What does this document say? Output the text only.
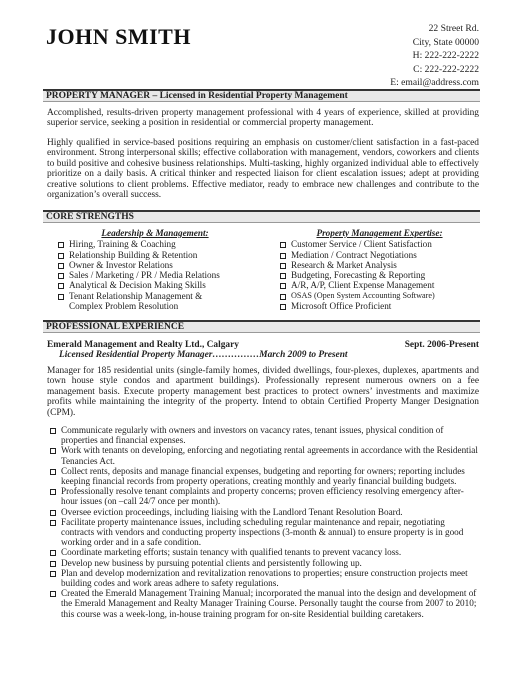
JOHN SMITH	22 Street Rd.
City, State 00000
H: 222-222-2222
C: 222-222-2222
E: email@address.com
PROPERTY MANAGER – Licensed in Residential Property Management
Accomplished, results-driven property management professional with 4 years of experience, skilled at providing superior service, seeking a position in residential or commercial property management.
Highly qualified in service-based positions requiring an emphasis on customer/client satisfaction in a fast-paced environment. Strong interpersonal skills; effective collaboration with management, vendors, coworkers and clients to build positive and cohesive business relationships. Multi-tasking, highly organized individual able to effectively prioritize on a daily basis. A critical thinker and respected liaison for client escalation issues; adept at providing creative solutions to client problems. Effective mediator, ready to embrace new challenges and contribute to the organization’s overall success.
CORE STRENGTHS
Leadership & Management:
Hiring, Training & Coaching
Relationship Building & Retention
Owner & Investor Relations
Sales / Marketing / PR / Media Relations
Analytical & Decision Making Skills
Tenant Relationship Management & Complex Problem Resolution
Property Management Expertise:
Customer Service / Client Satisfaction
Mediation / Contract Negotiations
Research & Market Analysis
Budgeting, Forecasting & Reporting
A/R, A/P, Client Expense Management
OSAS (Open System Accounting Software)
Microsoft Office Proficient
PROFESSIONAL EXPERIENCE
Emerald Management and Realty Ltd., Calgary	Sept. 2006-Present
Licensed Residential Property Manager……………March 2009 to Present
Manager for 185 residential units (single-family homes, divided dwellings, four-plexes, duplexes, apartments and town house style condos and apartment buildings). Professionally represent numerous owners on a fee management basis. Execute property management best practices to protect owners’ investments and maximize profits while maintaining the integrity of the property. Intend to obtain Certified Property Manger Designation (CPM).
Communicate regularly with owners and investors on vacancy rates, tenant issues, physical condition of properties and financial expenses.
Work with tenants on developing, enforcing and negotiating rental agreements in accordance with the Residential Tenancies Act.
Collect rents, deposits and manage financial expenses, budgeting and reporting for owners; reporting includes keeping financial records from property operations, creating monthly and yearly financial building budgets.
Professionally resolve tenant complaints and property concerns; proven efficiency resolving emergency after-hour issues (on –call 24/7 once per month).
Oversee eviction proceedings, including liaising with the Landlord Tenant Resolution Board.
Facilitate property maintenance issues, including scheduling regular maintenance and repair, negotiating contracts with vendors and conducting property inspections (3-month & annual) to ensure property is in good working order and in a safe condition.
Coordinate marketing efforts; sustain tenancy with qualified tenants to prevent vacancy loss.
Develop new business by pursuing potential clients and persistently following up.
Plan and develop modernization and revitalization renovations to properties; ensure construction projects meet building codes and work areas adhere to safety regulations.
Created the Emerald Management Training Manual; incorporated the manual into the design and development of the Emerald Management and Realty Manager Training Course. Personally taught the course from 2007 to 2010; this course was a week-long, in-house training program for on-site Residential building caretakers.
